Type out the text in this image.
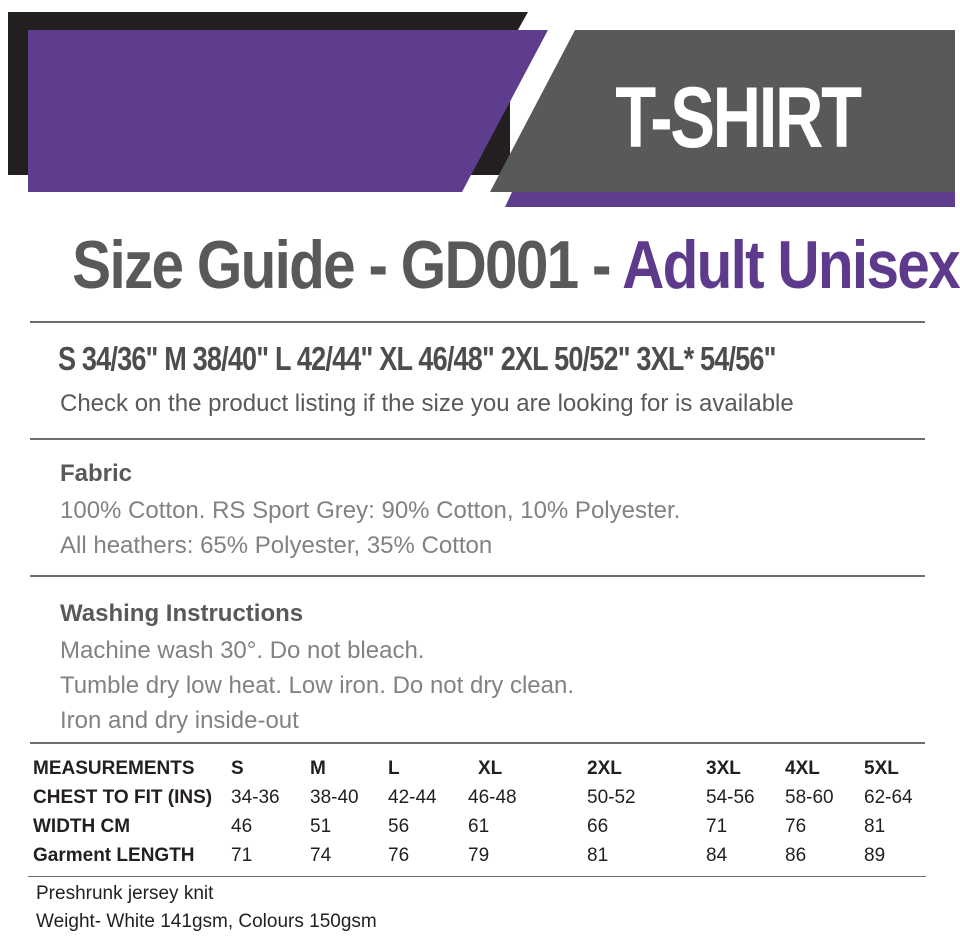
T-SHIRT
Size Guide - GD001 - Adult Unisex
S 34/36" M 38/40" L 42/44" XL 46/48" 2XL 50/52" 3XL* 54/56"
Check on the product listing if the size you are looking for is available
Fabric
100% Cotton. RS Sport Grey: 90% Cotton, 10% Polyester.
All heathers: 65% Polyester, 35% Cotton
Washing Instructions
Machine wash 30°. Do not bleach.
Tumble dry low heat. Low iron. Do not dry clean.
Iron and dry inside-out
MEASUREMENTS S	M	L	XL	2XL	3XL 4XL 5XL
CHEST TO FIT (INS) 34-36 38-40 42-44 46-48	50-52	54-56 58-60 62-64
WIDTH CM	46	51	56	61	66	71	76	81
Garment LENGTH 71	74	76	79	81	84	86	89
Preshrunk jersey knit
Weight- White 141gsm, Colours 150gsm
